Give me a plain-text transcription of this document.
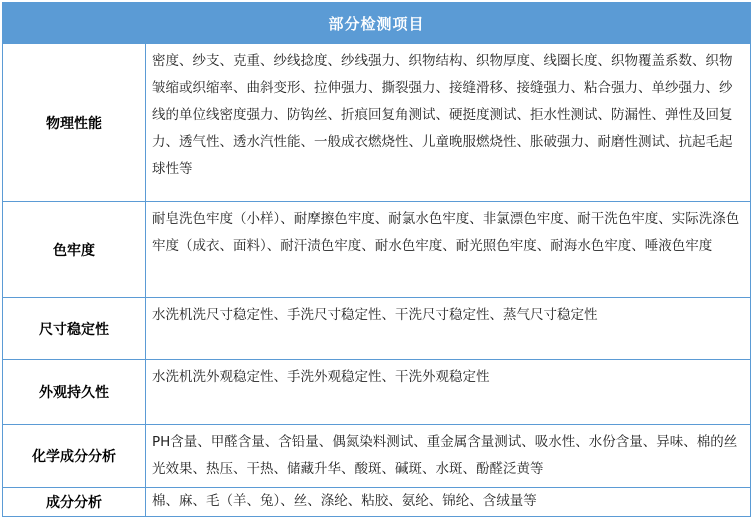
部分检测项目
物理性能
密度、纱支、克重、纱线捻度、纱线强力、织物结构、织物厚度、线圈长度、织物覆盖系数、织物皱缩或织缩率、曲斜变形、拉伸强力、撕裂强力、接缝滑移、接缝强力、粘合强力、单纱强力、纱线的单位线密度强力、防钩丝、折痕回复角测试、硬挺度测试、拒水性测试、防漏性、弹性及回复力、透气性、透水汽性能、一般成衣燃烧性、儿童晚服燃烧性、胀破强力、耐磨性测试、抗起毛起球性等
色牢度
耐皂洗色牢度（小样）、耐摩擦色牢度、耐氯水色牢度、非氯漂色牢度、耐干洗色牢度、实际洗涤色牢度（成衣、面料）、耐汗渍色牢度、耐水色牢度、耐光照色牢度、耐海水色牢度、唾液色牢度
尺寸稳定性
水洗机洗尺寸稳定性、手洗尺寸稳定性、干洗尺寸稳定性、蒸气尺寸稳定性
外观持久性
水洗机洗外观稳定性、手洗外观稳定性、干洗外观稳定性
化学成分分析
PH含量、甲醛含量、含铅量、偶氮染料测试、重金属含量测试、吸水性、水份含量、异味、棉的丝光效果、热压、干热、储藏升华、酸斑、碱斑、水斑、酚醛泛黄等
成分分析	棉、麻、毛（羊、兔）、丝、涤纶、粘胶、氨纶、锦纶、含绒量等
